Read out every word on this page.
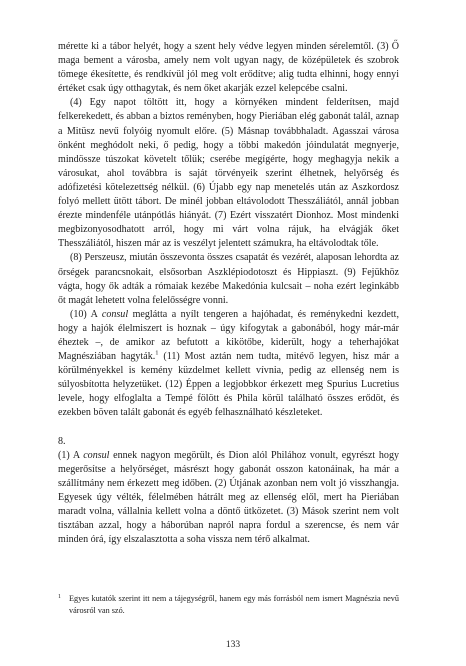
mérette ki a tábor helyét, hogy a szent hely védve legyen minden sérelemtől. (3) Ő maga bement a városba, amely nem volt ugyan nagy, de középületek és szobrok tömege ékesítette, és rendkívül jól meg volt erődítve; alig tudta elhinni, hogy ennyi értéket csak úgy otthagytak, és nem őket akarják ezzel kelepcébe csalni.

(4) Egy napot töltött itt, hogy a környéken mindent felderítsen, majd felkerekedett, és abban a biztos reményben, hogy Pieriában elég gabonát talál, aznap a Mitüsz nevű folyóig nyomult előre. (5) Másnap továbbhaladt. Agasszai városa önként meghódolt neki, ő pedig, hogy a többi makedón jóindulatát megnyerje, mindössze túszokat követelt tőlük; cserébe megígérte, hogy meghagyja nekik a városukat, ahol továbbra is saját törvényeik szerint élhetnek, helyőrség és adófizetési kötelezettség nélkül. (6) Újabb egy nap menetelés után az Aszkordosz folyó mellett ütött tábort. De minél jobban eltávolodott Thesszáliától, annál jobban érezte mindenféle utánpótlás hiányát. (7) Ezért visszatért Dionhoz. Most mindenki megbizonyosodhatott arról, hogy mi várt volna rájuk, ha elvágják őket Thesszáliától, hiszen már az is veszélyt jelentett számukra, ha eltávolodtak tőle.

(8) Perszeusz, miután összevonta összes csapatát és vezérét, alaposan lehordta az őrségek parancsnokait, elsősorban Aszklépiodotoszt és Hippiaszt. (9) Fejükhöz vágta, hogy ők adták a rómaiak kezébe Makedónia kulcsait – noha ezért leginkább őt magát lehetett volna felelősségre vonni.

(10) A consul meglátta a nyílt tengeren a hajóhadat, és reménykedni kezdett, hogy a hajók élelmiszert is hoznak – úgy kifogytak a gabonából, hogy már-már éheztek –, de amikor az befutott a kikötőbe, kiderült, hogy a teherhajókat Magnésziában hagyták.$^1$ (11) Most aztán nem tudta, mitévő legyen, hisz már a körülményekkel is kemény küzdelmet kellett vívnia, pedig az ellenség nem is súlyosbította helyzetüket. (12) Éppen a legjobbkor érkezett meg Spurius Lucretius levele, hogy elfoglalta a Tempé fölött és Phila körül található összes erődöt, és ezekben böven talált gabonát és egyéb felhasználható készleteket.

8.

(1) A consul ennek nagyon megörült, és Dion alól Philához vonult, egyrészt hogy megerősítse a helyőrséget, másrészt hogy gabonát osszon katonáinak, ha már a szállítmány nem érkezett meg időben. (2) Útjának azonban nem volt jó visszhangja. Egyesek úgy vélték, félelmében hátrált meg az ellenség elől, mert ha Pieriában maradt volna, vállalnia kellett volna a döntő ütközetet. (3) Mások szerint nem volt tisztában azzal, hogy a háborúban napról napra fordul a szerencse, és nem vár minden órá, így elszalasztotta a soha vissza nem térő alkalmat.

1 Egyes kutatók szerint itt nem a tájegységről, hanem egy más forrásból nem ismert Magnészia nevű városról van szó.
133
